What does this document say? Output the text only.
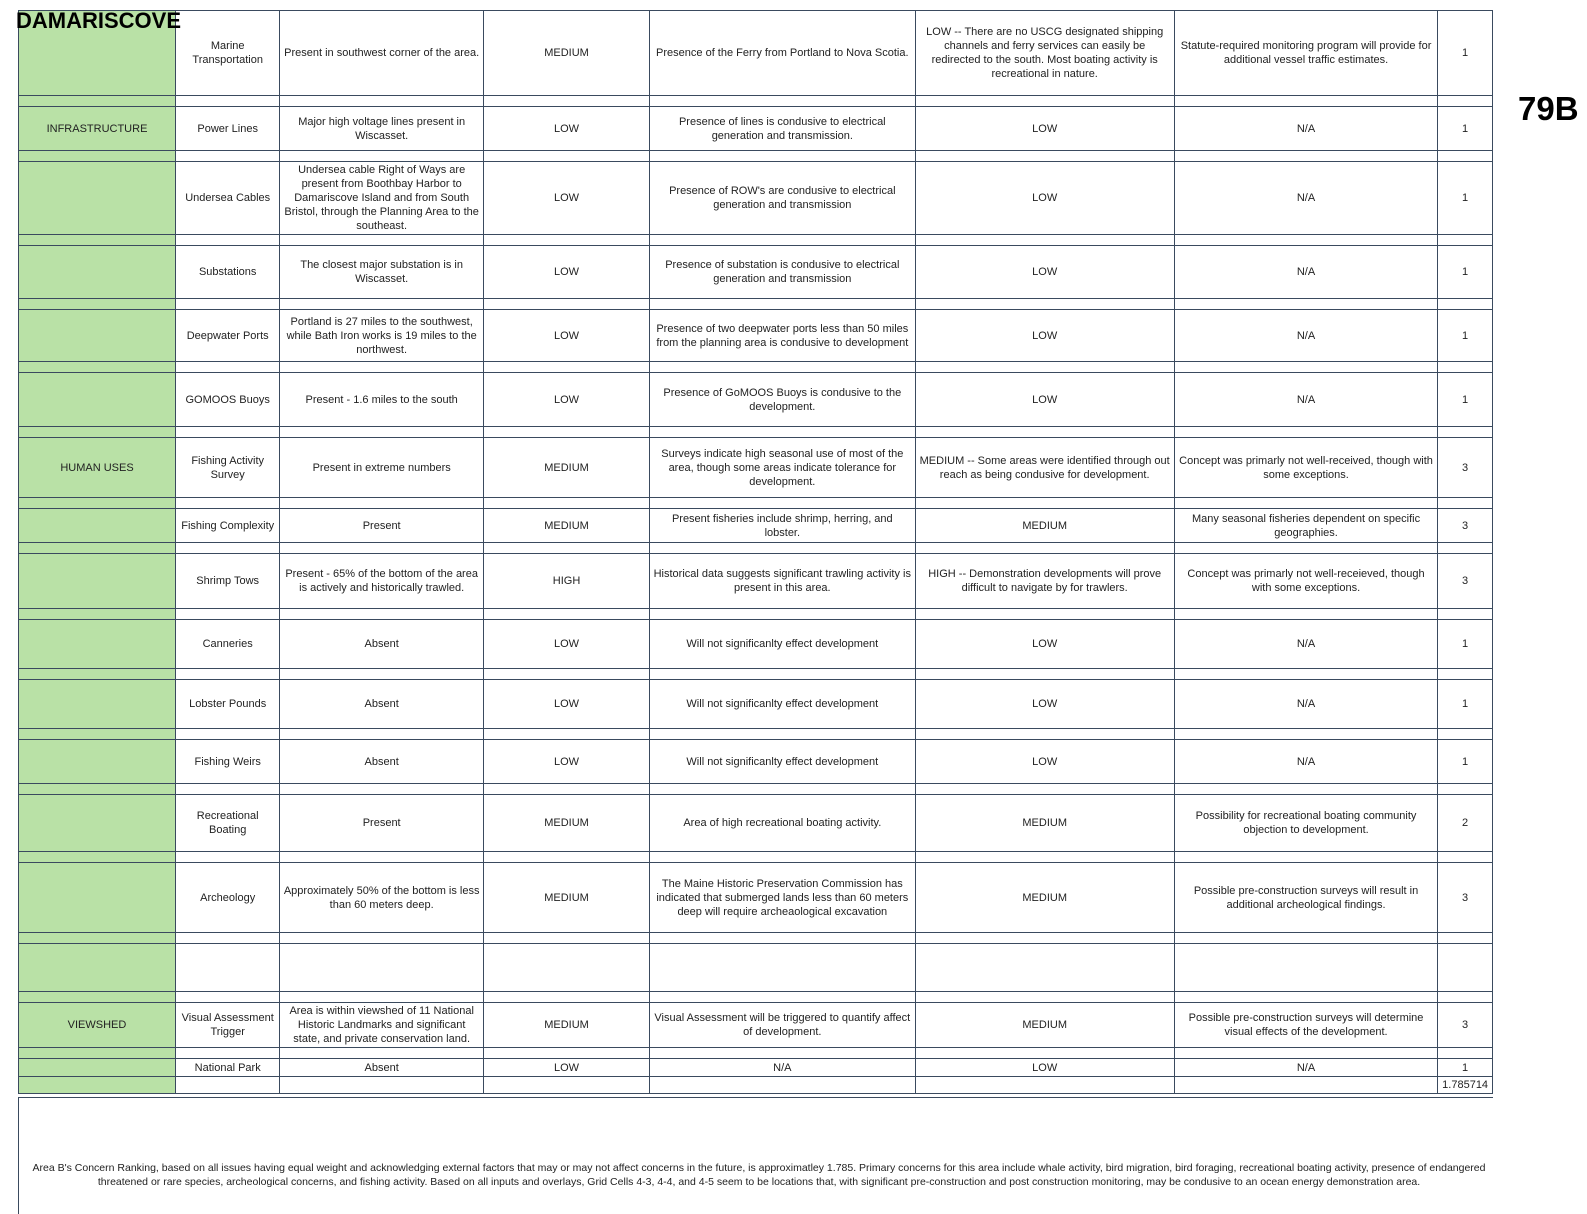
DAMARISCOVE
79B
	Marine Transportation	Present in southwest corner of the area.	MEDIUM	Presence of the Ferry from Portland to Nova Scotia.	LOW -- There are no USCG designated shipping channels and ferry services can easily be redirected to the south. Most boating activity is recreational in nature.	Statute-required monitoring program will provide for additional vessel traffic estimates.	1

INFRASTRUCTURE	Power Lines	Major high voltage lines present in Wiscasset.	LOW	Presence of lines is condusive to electrical generation and transmission.	LOW	N/A	1

	Undersea Cables	Undersea cable Right of Ways are present from Boothbay Harbor to Damariscove Island and from South Bristol, through the Planning Area to the southeast.	LOW	Presence of ROW's are condusive to electrical generation and transmission	LOW	N/A	1

	Substations	The closest major substation is in Wiscasset.	LOW	Presence of substation is condusive to electrical generation and transmission	LOW	N/A	1

	Deepwater Ports	Portland is 27 miles to the southwest, while Bath Iron works is 19 miles to the northwest.	LOW	Presence of two deepwater ports less than 50 miles from the planning area is condusive to development	LOW	N/A	1

	GOMOOS Buoys	Present - 1.6 miles to the south	LOW	Presence of GoMOOS Buoys is condusive to the development.	LOW	N/A	1

HUMAN USES	Fishing Activity Survey	Present in extreme numbers	MEDIUM	Surveys indicate high seasonal use of most of the area, though some areas indicate tolerance for development.	MEDIUM -- Some areas were identified through out reach as being condusive for development.	Concept was primarly not well-received, though with some exceptions.	3

	Fishing Complexity	Present	MEDIUM	Present fisheries include shrimp, herring, and lobster.	MEDIUM	Many seasonal fisheries dependent on specific geographies.	3

	Shrimp Tows	Present - 65% of the bottom of the area is actively and historically trawled.	HIGH	Historical data suggests significant trawling activity is present in this area.	HIGH -- Demonstration developments will prove difficult to navigate by for trawlers.	Concept was primarly not well-receieved, though with some exceptions.	3

	Canneries	Absent	LOW	Will not significanlty effect development	LOW	N/A	1

	Lobster Pounds	Absent	LOW	Will not significanlty effect development	LOW	N/A	1

	Fishing Weirs	Absent	LOW	Will not significanlty effect development	LOW	N/A	1

	Recreational Boating	Present	MEDIUM	Area of high recreational boating activity.	MEDIUM	Possibility for recreational boating community objection to development.	2

	Archeology	Approximately 50% of the bottom is less than 60 meters deep.	MEDIUM	The Maine Historic Preservation Commission has indicated that submerged lands less than 60 meters deep will require archeaological excavation	MEDIUM	Possible pre-construction surveys will result in additional archeological findings.	3

VIEWSHED	Visual Assessment Trigger	Area is within viewshed of 11 National Historic Landmarks and significant state, and private conservation land.	MEDIUM	Visual Assessment will be triggered to quantify affect of development.	MEDIUM	Possible pre-construction surveys will determine visual effects of the development.	3

	National Park	Absent	LOW	N/A	LOW	N/A	1
							1.785714
Area B's Concern Ranking, based on all issues having equal weight and acknowledging external factors that may or may not affect concerns in the future, is approximatley 1.785. Primary concerns for this area include whale activity, bird migration, bird foraging, recreational boating activity, presence of endangered threatened or rare species, archeological concerns, and fishing activity. Based on all inputs and overlays, Grid Cells 4-3, 4-4, and 4-5 seem to be locations that, with significant pre-construction and post construction monitoring, may be condusive to an ocean energy demonstration area.
